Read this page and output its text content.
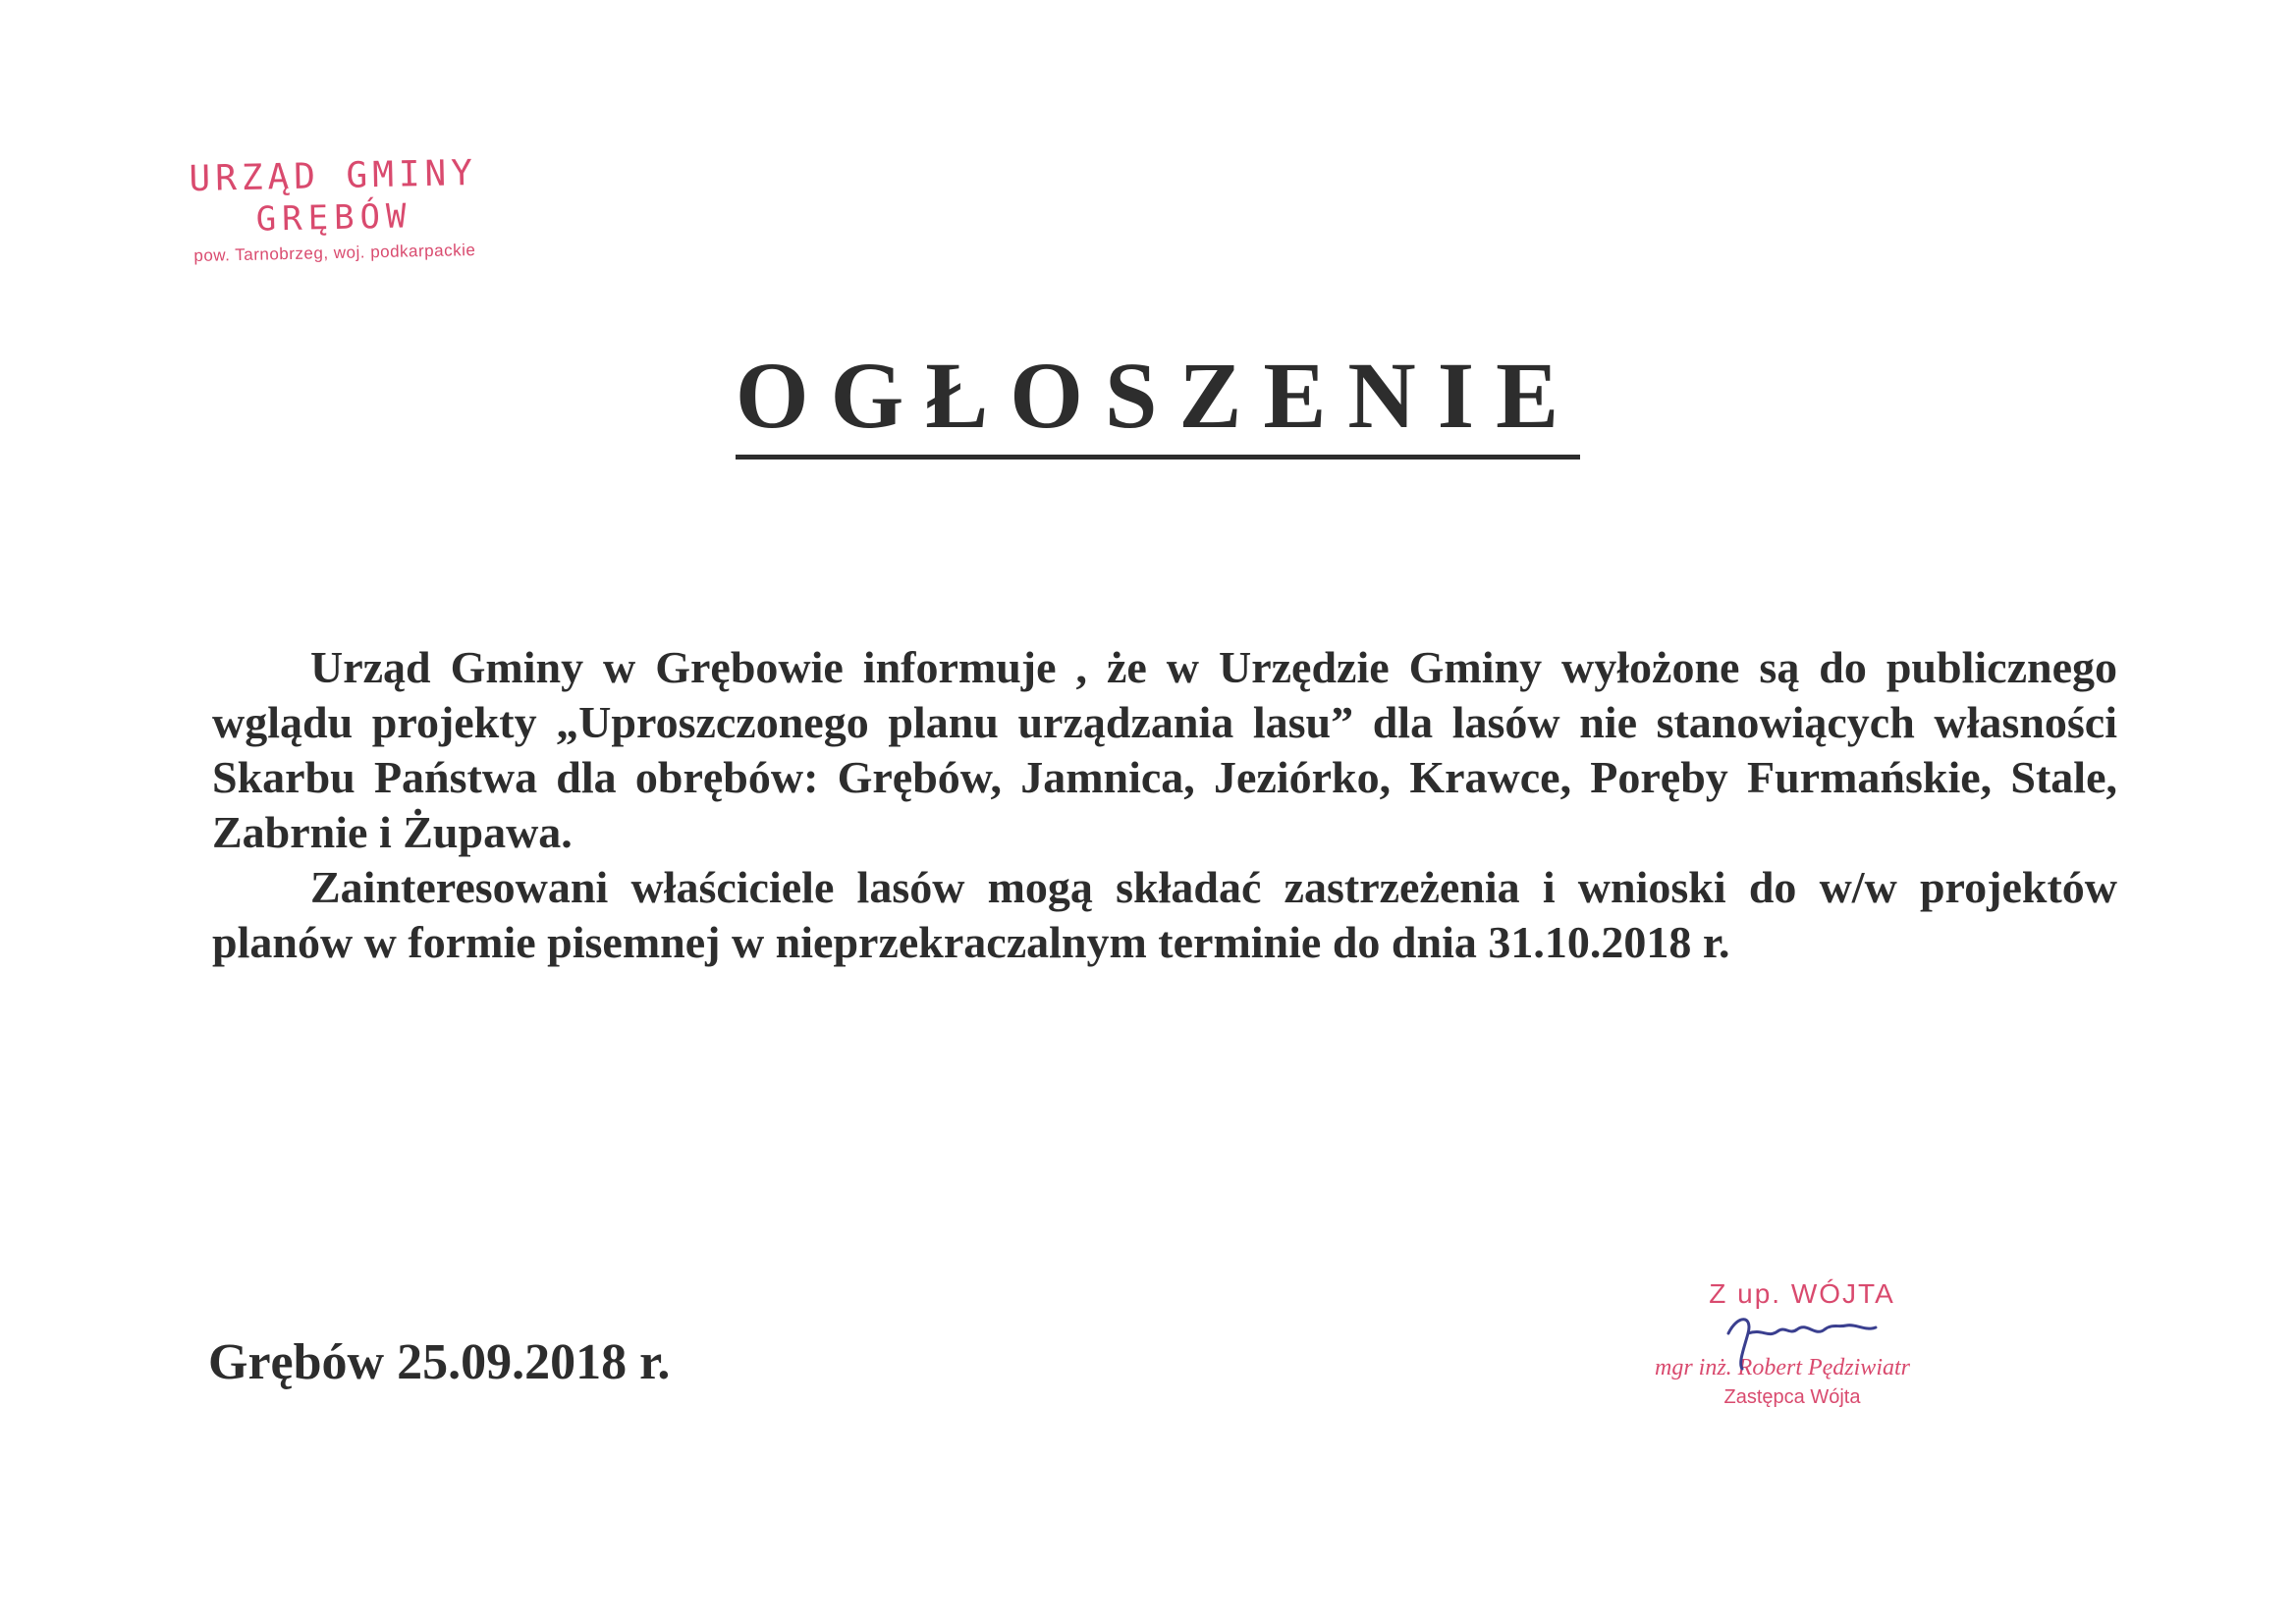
URZĄD GMINY
GRĘBÓW
pow. Tarnobrzeg, woj. podkarpackie
OGŁOSZENIE

Urząd Gminy w Grębowie informuje , że w Urzędzie Gminy wyłożone są do publicznego wglądu projekty „Uproszczonego planu urządzania lasu” dla lasów nie stanowiących własności Skarbu Państwa dla obrębów: Grębów, Jamnica, Jeziórko, Krawce, Poręby Furmańskie, Stale, Zabrnie i Żupawa.

Zainteresowani właściciele lasów mogą składać zastrzeżenia i wnioski do w/w projektów planów w formie pisemnej w nieprzekraczalnym terminie do dnia 31.10.2018 r.

Grębów 25.09.2018 r.
Z up. WÓJTA
mgr inż. Robert Pędziwiatr
Zastępca Wójta
